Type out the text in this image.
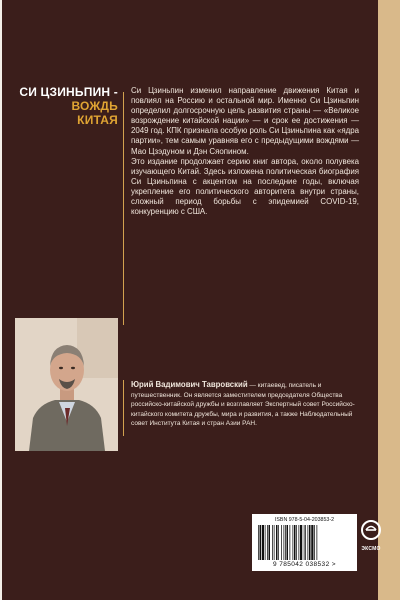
СИ ЦЗИНЬПИН -
ВОЖДЬ
КИТАЯ

Си Цзиньпин изменил направление движения Китая и повлиял на Россию и остальной мир. Именно Си Цзиньпин определил долгосрочную цель развития страны — «Великое возрождение китайской нации» — и срок ее достижения — 2049 год. КПК признала особую роль Си Цзиньпина как «ядра партии», тем самым уравняв его с предыдущими вождями — Мао Цзэдуном и Дэн Сяопином.

Это издание продолжает серию книг автора, около полувека изучающего Китай. Здесь изложена политическая биография Си Цзиньпина с акцентом на последние годы, включая укрепление его политического авторитета внутри страны, сложный период борьбы с эпидемией COVID-19, конкуренцию с США.

Юрий Вадимович Тавровский — китаевед, писатель и путешественник. Он является заместителем председателя Общества российско-китайской дружбы и возглавляет Экспертный совет Российско-китайского комитета дружбы, мира и развития, а также Наблюдательный совет Института Китая и стран Азии РАН.
ISBN 978-5-04-203853-2
9 785042 038532 >
ЭКСМО
